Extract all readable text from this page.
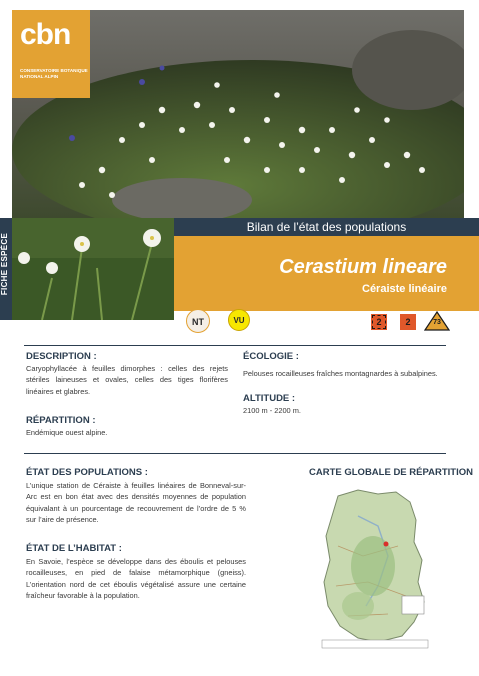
cbn
CONSERVATOIRE BOTANIQUE NATIONAL ALPIN
FICHE ESPÈCE
Bilan de l’état des populations
Cerastium lineare
Céraiste linéaire
NT	VU	2	2	73
DESCRIPTION :
Caryophyllacée à feuilles dimorphes : celles des rejets stériles laineuses et ovales, celles des tiges florifères linéaires et glabres.
RÉPARTITION :
Endémique ouest alpine.
ÉCOLOGIE :
Pelouses rocailleuses fraîches montagnardes à subalpines.
ALTITUDE :
2100 m - 2200 m.
ÉTAT DES POPULATIONS :
L’unique station de Céraiste à feuilles linéaires de Bonneval-sur-Arc est en bon état avec des densités moyennes de population équivalant à un pourcentage de recouvrement de l’ordre de 5 % sur l’aire de présence.
ÉTAT DE L’HABITAT :
En Savoie, l’espèce se développe dans des éboulis et pelouses rocailleuses, en pied de falaise métamorphique (gneiss). L’orientation nord de cet éboulis végétalisé assure une certaine fraîcheur favorable à la population.
CARTE GLOBALE DE RÉPARTITION
